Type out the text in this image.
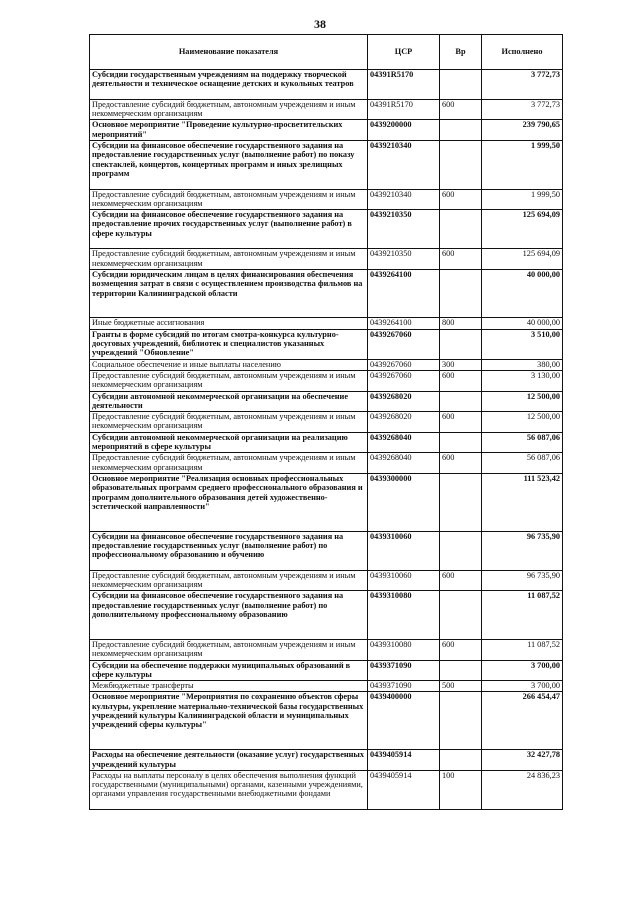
38
Наименование показателя	ЦСР	Вр	Исполнено
Субсидии государственным учреждениям на поддержку творческой деятельности и техническое оснащение детских и кукольных театров	04391R5170		3 772,73
Предоставление субсидий бюджетным, автономным учреждениям и иным некоммерческим организациям	04391R5170	600	3 772,73
Основное мероприятие "Проведение культурно-просветительских мероприятий"	0439200000		239 790,65
Субсидии на финансовое обеспечение государственного задания на предоставление государственных услуг (выполнение работ) по показу спектаклей, концертов, концертных программ и иных зрелищных программ	0439210340		1 999,50
Предоставление субсидий бюджетным, автономным учреждениям и иным некоммерческим организациям	0439210340	600	1 999,50
Субсидии на финансовое обеспечение государственного задания на предоставление прочих государственных услуг (выполнение работ) в сфере культуры	0439210350		125 694,09
Предоставление субсидий бюджетным, автономным учреждениям и иным некоммерческим организациям	0439210350	600	125 694,09
Субсидии юридическим лицам в целях финансирования обеспечения возмещения затрат в связи с осуществлением производства фильмов на территории Калининградской области	0439264100		40 000,00
Иные бюджетные ассигнования	0439264100	800	40 000,00
Гранты в форме субсидий по итогам смотра-конкурса культурно-досуговых учреждений, библиотек и специалистов указанных учреждений "Обновление"	0439267060		3 510,00
Социальное обеспечение и иные выплаты населению	0439267060	300	380,00
Предоставление субсидий бюджетным, автономным учреждениям и иным некоммерческим организациям	0439267060	600	3 130,00
Субсидии автономной некоммерческой организации на обеспечение деятельности	0439268020		12 500,00
Предоставление субсидий бюджетным, автономным учреждениям и иным некоммерческим организациям	0439268020	600	12 500,00
Субсидии автономной некоммерческой организации на реализацию мероприятий в сфере культуры	0439268040		56 087,06
Предоставление субсидий бюджетным, автономным учреждениям и иным некоммерческим организациям	0439268040	600	56 087,06
Основное мероприятие "Реализация основных профессиональных образовательных программ среднего профессионального образования и программ дополнительного образования детей художественно-эстетической направленности"	0439300000		111 523,42
Субсидии на финансовое обеспечение государственного задания на предоставление государственных услуг (выполнение работ) по профессиональному образованию и обучению	0439310060		96 735,90
Предоставление субсидий бюджетным, автономным учреждениям и иным некоммерческим организациям	0439310060	600	96 735,90
Субсидии на финансовое обеспечение государственного задания на предоставление государственных услуг (выполнение работ) по дополнительному профессиональному образованию	0439310080		11 087,52
Предоставление субсидий бюджетным, автономным учреждениям и иным некоммерческим организациям	0439310080	600	11 087,52
Субсидии на обеспечение поддержки муниципальных образований в сфере культуры	0439371090		3 700,00
Межбюджетные трансферты	0439371090	500	3 700,00
Основное мероприятие "Мероприятия по сохранению объектов сферы культуры, укрепление материально-технической базы государственных учреждений культуры Калининградской области и муниципальных учреждений сферы культуры"	0439400000		266 454,47
Расходы на обеспечение деятельности (оказание услуг) государственных учреждений культуры	0439405914		32 427,78
Расходы на выплаты персоналу в целях обеспечения выполнения функций государственными (муниципальными) органами, казенными учреждениями, органами управления государственными внебюджетными фондами	0439405914	100	24 836,23
